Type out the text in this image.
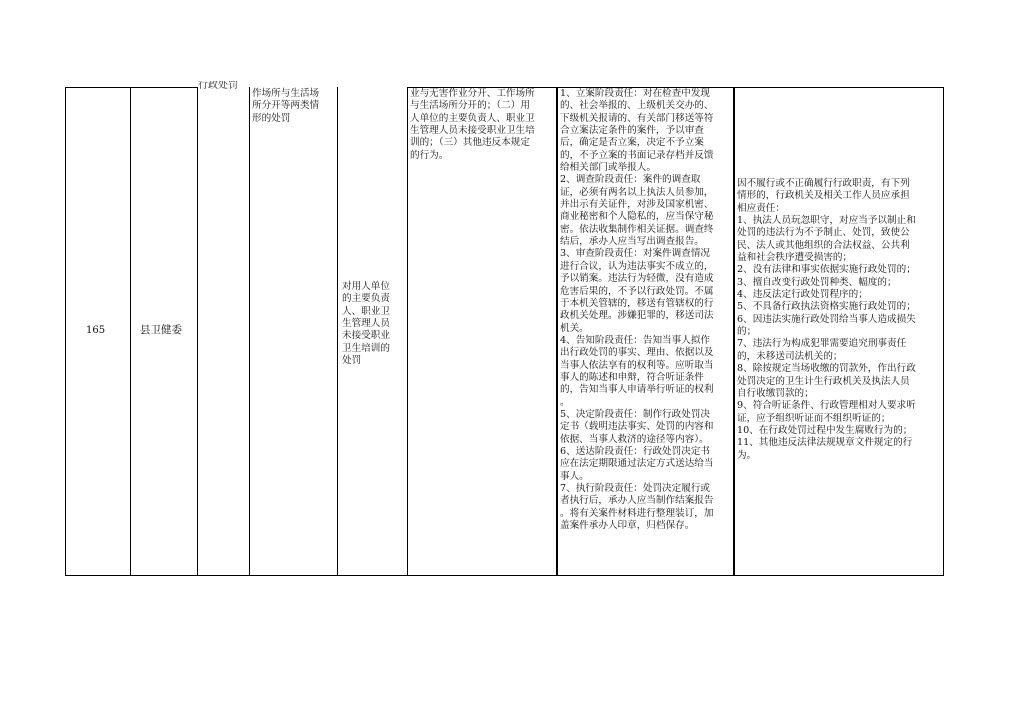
行政处罚
165	县卫健委
作场所与生活场
所分开等两类情
形的处罚
对用人单位
的主要负责
人、职业卫
生管理人员
未接受职业
卫生培训的
处罚
业与无害作业分开、工作场所
与生活场所分开的；（二）用
人单位的主要负责人、职业卫
生管理人员未接受职业卫生培
训的；（三）其他违反本规定
的行为。
1、立案阶段责任：对在检查中发现
的、社会举报的、上级机关交办的、
下级机关报请的、有关部门移送等符
合立案法定条件的案件，予以审查
后，确定是否立案，决定不予立案
的，不予立案的书面记录存档并反馈
给相关部门或举报人。
2、调查阶段责任：案件的调查取
证，必须有两名以上执法人员参加，
并出示有关证件，对涉及国家机密、
商业秘密和个人隐私的，应当保守秘
密。依法收集制作相关证据。调查终
结后，承办人应当写出调查报告。
3、审查阶段责任：对案件调查情况
进行合议，认为违法事实不成立的，
予以销案。违法行为轻微，没有造成
危害后果的，不予以行政处罚。不属
于本机关管辖的，移送有管辖权的行
政机关处理。涉嫌犯罪的，移送司法
机关。
4、告知阶段责任：告知当事人拟作
出行政处罚的事实、理由、依据以及
当事人依法享有的权利等。应听取当
事人的陈述和申辩，符合听证条件
的，告知当事人申请举行听证的权利
。
5、决定阶段责任：制作行政处罚决
定书（载明违法事实、处罚的内容和
依据、当事人救济的途径等内容）。
6、送达阶段责任：行政处罚决定书
应在法定期限通过法定方式送达给当
事人。
7、执行阶段责任：处罚决定履行或
者执行后，承办人应当制作结案报告
。将有关案件材料进行整理装订，加
盖案件承办人印章，归档保存。
因不履行或不正确履行行政职责，有下列
情形的，行政机关及相关工作人员应承担
相应责任：
1、执法人员玩忽职守，对应当予以制止和
处罚的违法行为不予制止、处罚，致使公
民、法人或其他组织的合法权益、公共利
益和社会秩序遭受损害的；
2、没有法律和事实依据实施行政处罚的；
3、擅自改变行政处罚种类、幅度的；
4、违反法定行政处罚程序的；
5、不具备行政执法资格实施行政处罚的；
6、因违法实施行政处罚给当事人造成损失
的；
7、违法行为构成犯罪需要追究刑事责任
的，未移送司法机关的；
8、除按规定当场收缴的罚款外，作出行政
处罚决定的卫生计生行政机关及执法人员
自行收缴罚款的；
9、符合听证条件、行政管理相对人要求听
证，应予组织听证而不组织听证的；
10、在行政处罚过程中发生腐败行为的；
11、其他违反法律法规规章文件规定的行
为。
